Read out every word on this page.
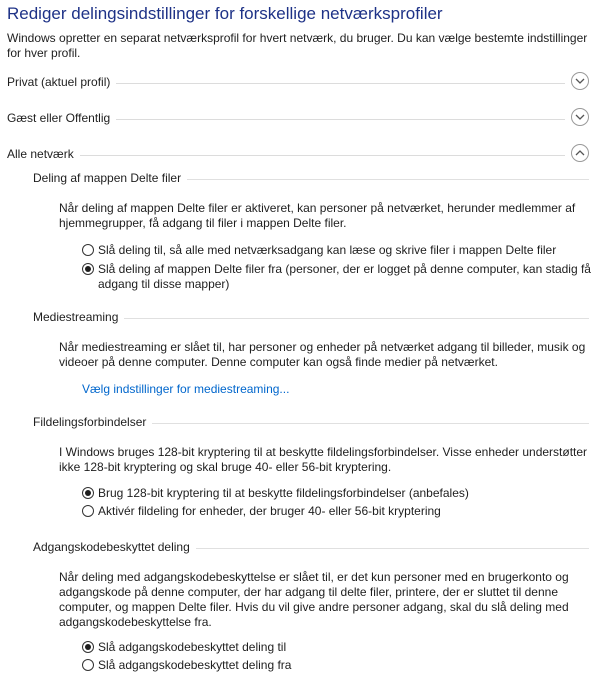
Rediger delingsindstillinger for forskellige netværksprofiler
Windows opretter en separat netværksprofil for hvert netværk, du bruger. Du kan vælge bestemte indstillinger for hver profil.
Privat (aktuel profil)
Gæst eller Offentlig
Alle netværk
Deling af mappen Delte filer
Når deling af mappen Delte filer er aktiveret, kan personer på netværket, herunder medlemmer af hjemmegrupper, få adgang til filer i mappen Delte filer.
Slå deling til, så alle med netværksadgang kan læse og skrive filer i mappen Delte filer
Slå deling af mappen Delte filer fra (personer, der er logget på denne computer, kan stadig få adgang til disse mapper)
Mediestreaming
Når mediestreaming er slået til, har personer og enheder på netværket adgang til billeder, musik og videoer på denne computer. Denne computer kan også finde medier på netværket.
Vælg indstillinger for mediestreaming...
Fildelingsforbindelser
I Windows bruges 128-bit kryptering til at beskytte fildelingsforbindelser. Visse enheder understøtter ikke 128-bit kryptering og skal bruge 40- eller 56-bit kryptering.
Brug 128-bit kryptering til at beskytte fildelingsforbindelser (anbefales)
Aktivér fildeling for enheder, der bruger 40- eller 56-bit kryptering
Adgangskodebeskyttet deling
Når deling med adgangskodebeskyttelse er slået til, er det kun personer med en brugerkonto og adgangskode på denne computer, der har adgang til delte filer, printere, der er sluttet til denne computer, og mappen Delte filer. Hvis du vil give andre personer adgang, skal du slå deling med adgangskodebeskyttelse fra.
Slå adgangskodebeskyttet deling til
Slå adgangskodebeskyttet deling fra
